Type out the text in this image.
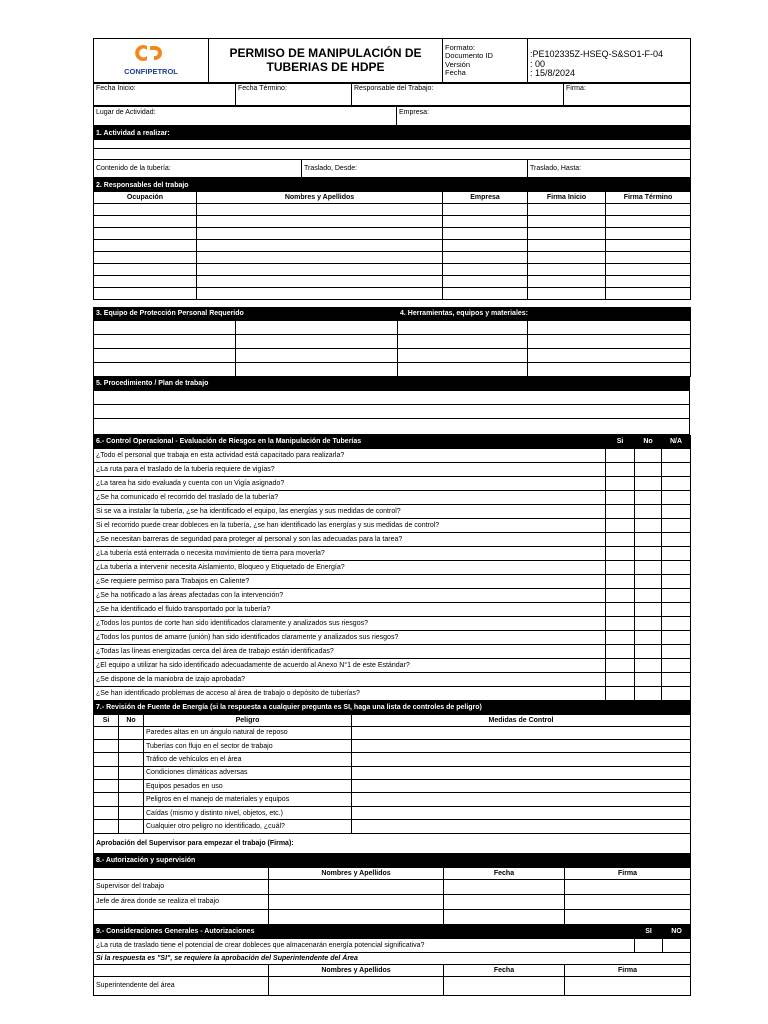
CONFIPETROL

PERMISO DE MANIPULACIÓN DE
TUBERIAS DE HDPE

Formato:
Documento ID
Versión
Fecha

:PE102335Z-HSEQ-S&SO1-F-04
: 00
: 15/8/2024
Fecha Inicio:	Fecha Término:	Responsable del Trabajo:	Firma:
Lugar de Actividad:	Empresa:
1. Actividad a realizar:

Contenido de la tubería:	Traslado, Desde:	Traslado, Hasta:
2. Responsables del trabajo				
Ocupación	Nombres y Apellidos	Empresa	Firma Inicio	Firma Término

3. Equipo de Protección Personal Requerido		4. Herramientas, equipos y materiales:	

5. Procedimiento / Plan de trabajo

6.- Control Operacional - Evaluación de Riesgos en la Manipulación de Tuberías	Si	No	N/A
¿Todo el personal que trabaja en esta actividad está capacitado para realizarla?			
¿La ruta para el traslado de la tubería requiere de vigías?			
¿La tarea ha sido evaluada y cuenta con un Vigía asignado?			
¿Se ha comunicado el recorrido del traslado de la tubería?			
Si se va a instalar la tubería, ¿se ha identificado el equipo, las energías y sus medidas de control?			
Si el recorrido puede crear dobleces en la tubería, ¿se han identificado las energías y sus medidas de control?			
¿Se necesitan barreras de seguridad para proteger al personal y son las adecuadas para la tarea?			
¿La tubería está enterrada o necesita movimiento de tierra para moverla?			
¿La tubería a intervenir necesita Aislamiento, Bloqueo y Etiquetado de Energía?			
¿Se requiere permiso para Trabajos en Caliente?			
¿Se ha notificado a las áreas afectadas con la intervención?			
¿Se ha identificado el fluido transportado por la tubería?			
¿Todos los puntos de corte han sido identificados claramente y analizados sus riesgos?			
¿Todos los puntos de amarre (unión) han sido identificados claramente y analizados sus riesgos?			
¿Todas las líneas energizadas cerca del área de trabajo están identificadas?			
¿El equipo a utilizar ha sido identificado adecuadamente de acuerdo al Anexo N°1 de este Estándar?			
¿Se dispone de la maniobra de izajo aprobada?			
¿Se han identificado problemas de acceso al área de trabajo o depósito de tuberías?			
7.- Revisión de Fuente de Energía (si la respuesta a cualquier pregunta es SI, haga una lista de controles de peligro)			
Si	No	Peligro	Medidas de Control
		Paredes altas en un ángulo natural de reposo	
		Tuberías con flujo en el sector de trabajo	
		Tráfico de vehículos en el área	
		Condiciones climáticas adversas	
		Equipos pesados en uso	
		Peligros en el manejo de materiales y equipos	
		Caídas (mismo y distinto nivel, objetos, etc.)	
		Cualquier otro peligro no identificado, ¿cuál?	
Aprobación del Supervisor para empezar el trabajo (Firma):			
8.- Autorización y supervisión			
	Nombres y Apellidos	Fecha	Firma
Supervisor del trabajo			
Jefe de área donde se realiza el trabajo			

9.- Consideraciones Generales - Autorizaciones				SI	NO
¿La ruta de traslado tiene el potencial de crear dobleces que almacenarán energía potencial significativa?					
Si la respuesta es "SI", se requiere la aprobación del Superintendente del Área					
	Nombres y Apellidos	Fecha	Firma		
Superintendente del área					
